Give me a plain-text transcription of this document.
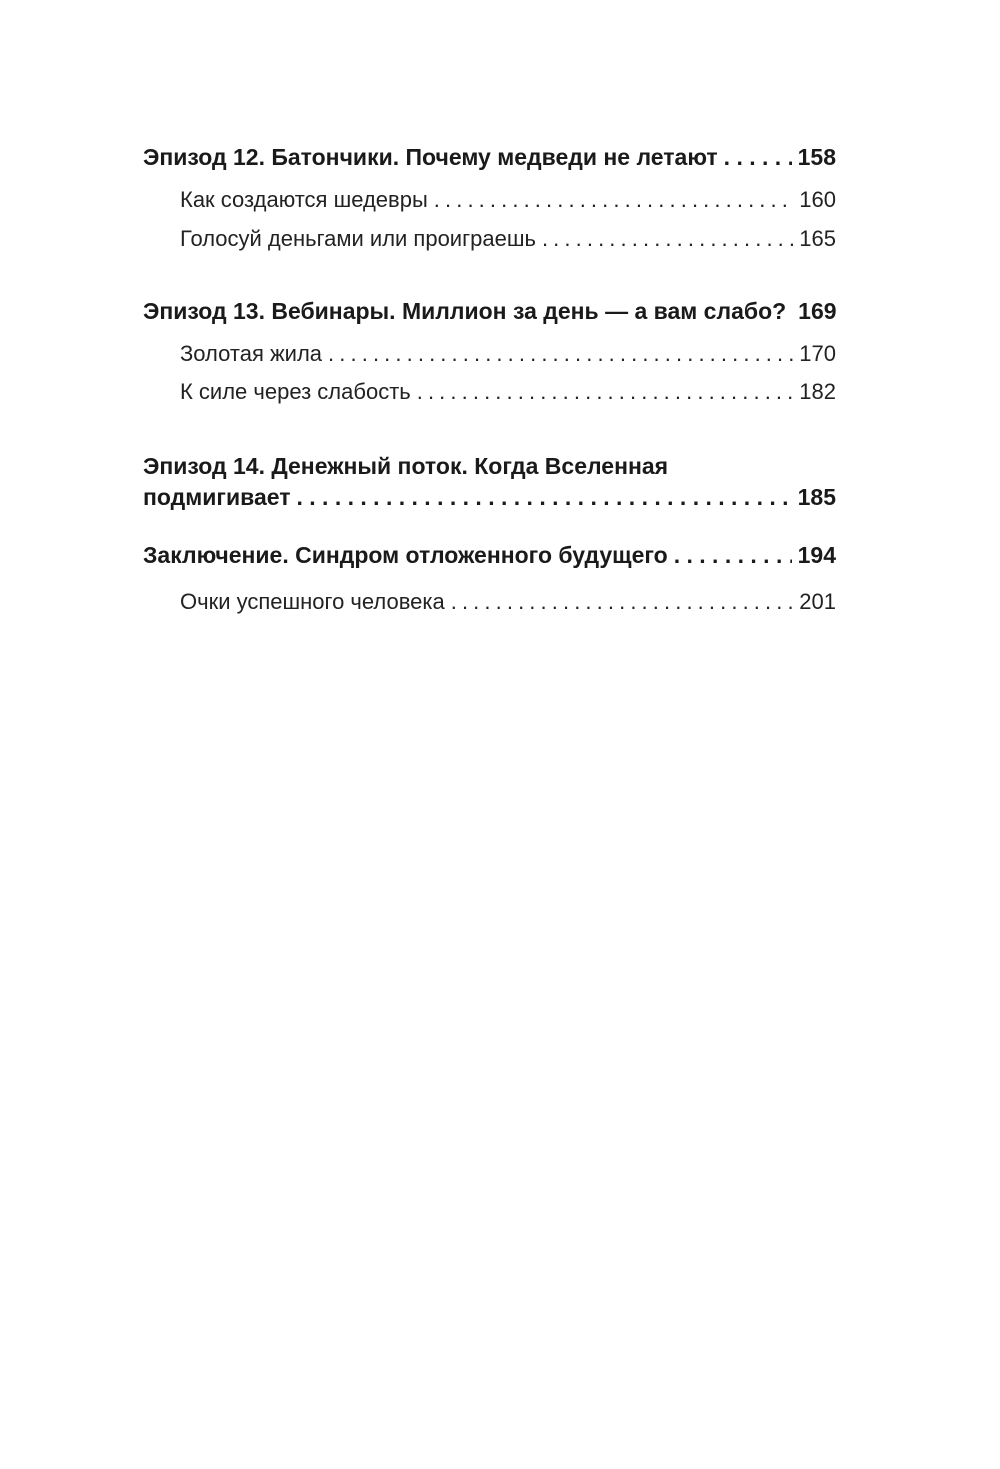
Эпизод 12. Батончики. Почему медведи не летают . . .	158
Как создаются шедевры . . .	160
Голосуй деньгами или проиграешь . . .	165
Эпизод 13. Вебинары. Миллион за день — а вам слабо? 169
Золотая жила . . .	170
К силе через слабость . . .	182
Эпизод 14. Денежный поток. Когда Вселенная
подмигивает . . .	185
Заключение. Синдром отложенного будущего . . .	194
Очки успешного человека . . .	201
